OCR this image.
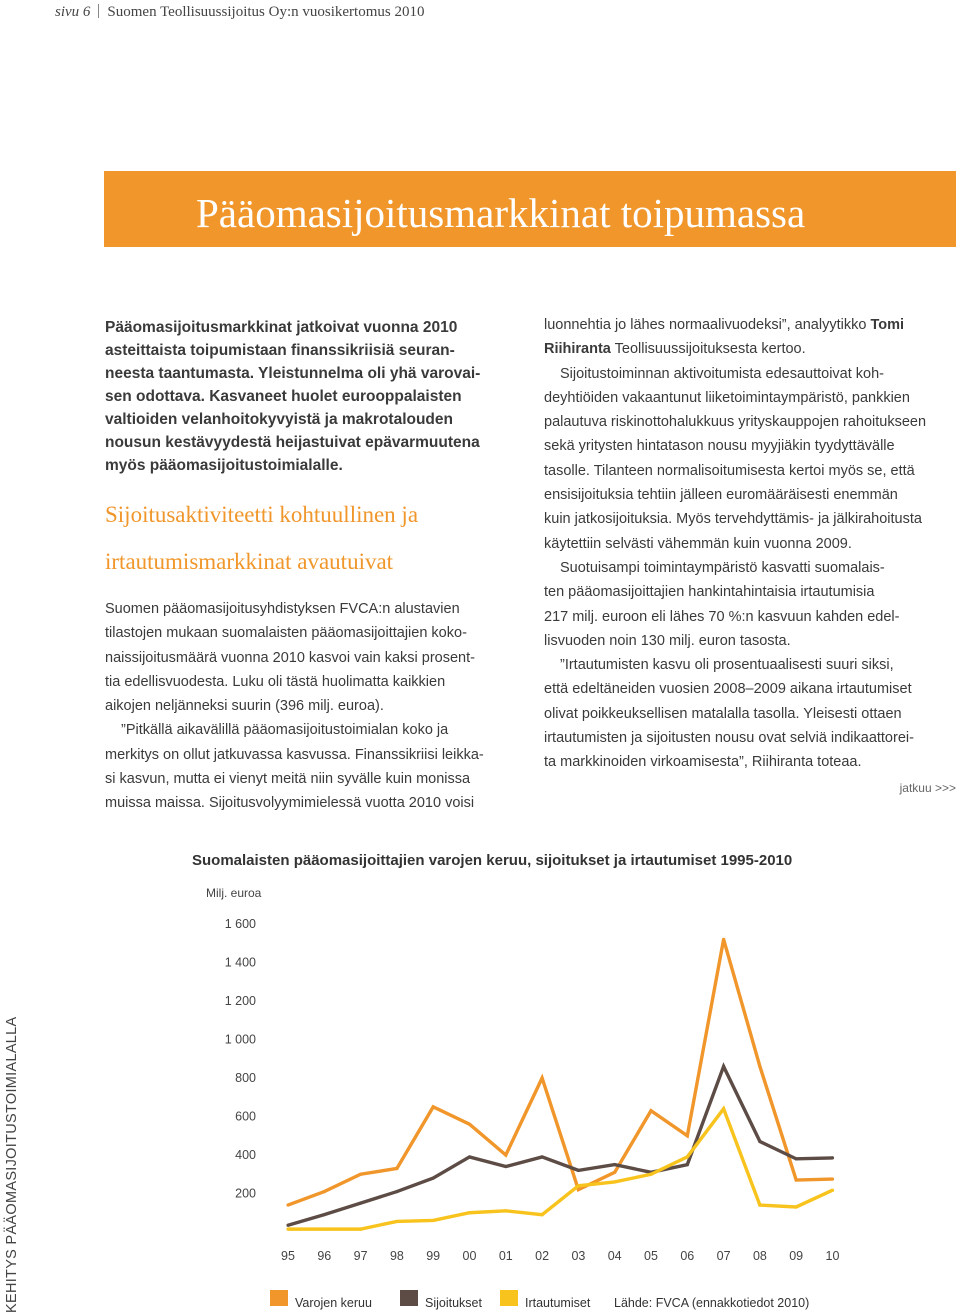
sivu 6 Suomen Teollisuussijoitus Oy:n vuosikertomus 2010
Pääomasijoitusmarkkinat toipumassa

Pääomasijoitusmarkkinat jatkoivat vuonna 2010

asteittaista toipumistaan finanssikriisiä seuran-

neesta taantumasta. Yleistunnelma oli yhä varovai-

sen odottava. Kasvaneet huolet eurooppalaisten

valtioiden velanhoitokyvyistä ja makrotalouden

nousun kestävyydestä heijastuivat epävarmuutena

myös pääomasijoitustoimialalle.

Sijoitusaktiviteetti kohtuullinen ja

irtautumismarkkinat avautuivat

Suomen pääomasijoitusyhdistyksen FVCA:n alustavien

tilastojen mukaan suomalaisten pääomasijoittajien koko-

naissijoitusmäärä vuonna 2010 kasvoi vain kaksi prosent-

tia edellisvuodesta. Luku oli tästä huolimatta kaikkien

aikojen neljänneksi suurin (396 milj. euroa).

”Pitkällä aikavälillä pääomasijoitustoimialan koko ja

merkitys on ollut jatkuvassa kasvussa. Finanssikriisi leikka-

si kasvun, mutta ei vienyt meitä niin syvälle kuin monissa

muissa maissa. Sijoitusvolyymimielessä vuotta 2010 voisi

luonnehtia jo lähes normaalivuodeksi”, analyytikko Tomi

Riihiranta Teollisuussijoituksesta kertoo.

Sijoitustoiminnan aktivoitumista edesauttoivat koh-

deyhtiöiden vakaantunut liiketoimintaympäristö, pankkien

palautuva riskinottohalukkuus yrityskauppojen rahoitukseen

sekä yritysten hintatason nousu myyjiäkin tyydyttävälle

tasolle. Tilanteen normalisoitumisesta kertoi myös se, että

ensisijoituksia tehtiin jälleen euromääräisesti enemmän

kuin jatkosijoituksia. Myös tervehdyttämis- ja jälkirahoitusta

käytettiin selvästi vähemmän kuin vuonna 2009.

Suotuisampi toimintaympäristö kasvatti suomalais-

ten pääomasijoittajien hankintahintaisia irtautumisia

217 milj. euroon eli lähes 70 %:n kasvuun kahden edel-

lisvuoden noin 130 milj. euron tasosta.

”Irtautumisten kasvu oli prosentuaalisesti suuri siksi,

että edeltäneiden vuosien 2008–2009 aikana irtautumiset

olivat poikkeuksellisen matalalla tasolla. Yleisesti ottaen

irtautumisten ja sijoitusten nousu ovat selviä indikaattorei-

ta markkinoiden virkoamisesta”, Riihiranta toteaa.

jatkuu >>>
Suomalaisten pääomasijoittajien varojen keruu, sijoitukset ja irtautumiset 1995-2010
Milj. euroa
KEHITYS PÄÄOMASIJOITUSTOIMIALALLA	200
400
600
800
1 000
1 200
1 400
1 600
95 96 97 98 99 00 01 02 03 04 05 06 07 08 09 10
Varojen keruu	Sijoitukset	Irtautumiset Lähde: FVCA (ennakkotiedot 2010)
